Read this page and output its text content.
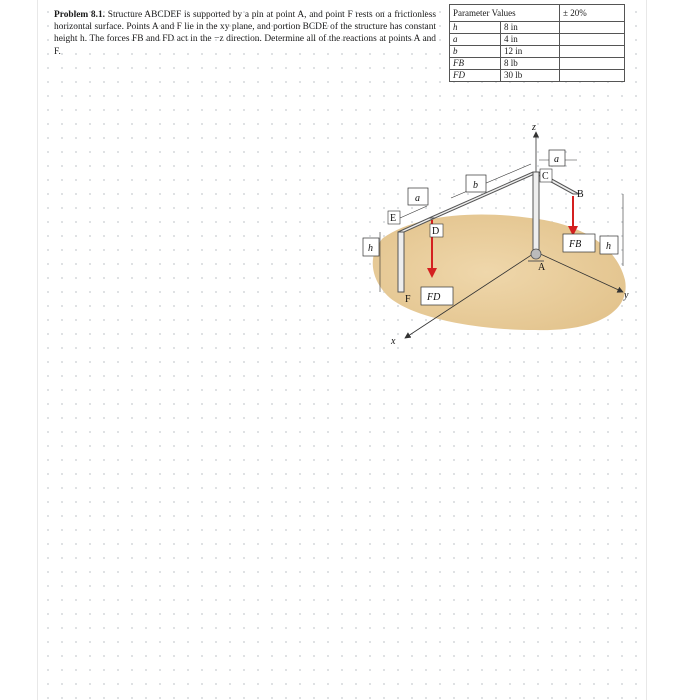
Problem 8.1. Structure ABCDEF is supported by a pin at point A, and point F rests on a frictionless horizontal surface. Points A and F lie in the xy plane, and portion BCDE of the structure has constant height h. The forces FB and FD act in the −z direction. Determine all of the reactions at points A and F.
Parameter Values		± 20%
h	8 in	
a	4 in	
b	12 in	
FB	8 lb	
FD	30 lb	
a
b
a
h	h
FB
FD
C
D
E
B
A
F
z
y
x
